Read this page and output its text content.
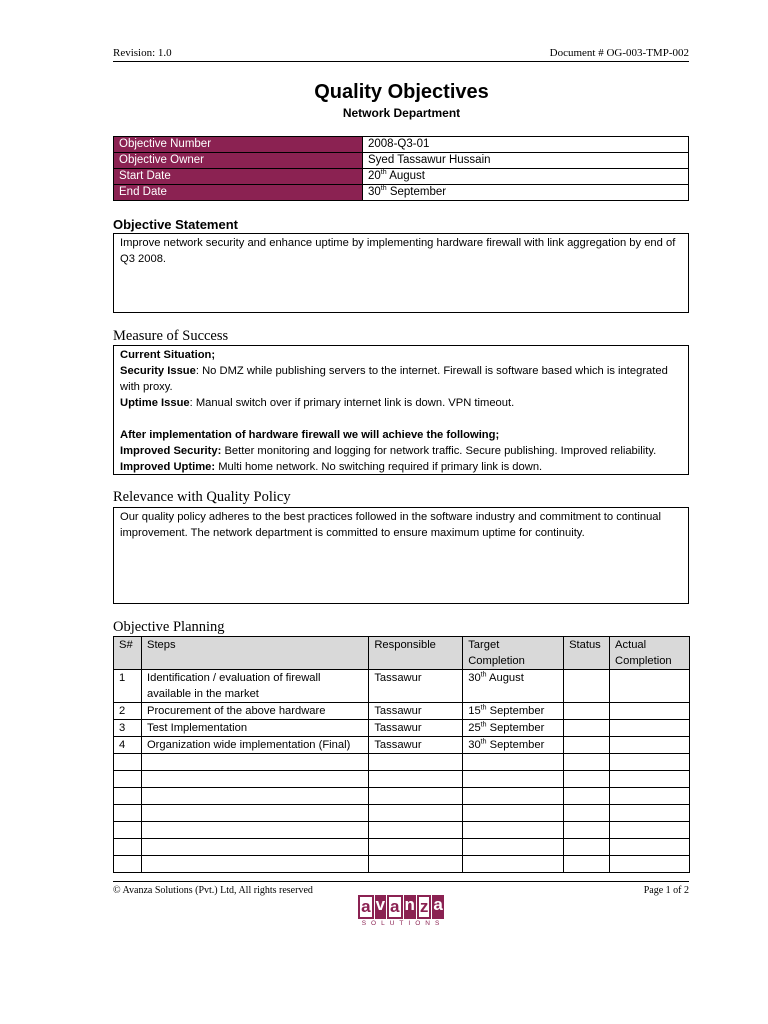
Revision: 1.0	Document # OG-003-TMP-002
Quality Objectives
Network Department
Objective Number	2008-Q3-01
Objective Owner	Syed Tassawur Hussain
Start Date	20th August
End Date	30th September
Objective Statement
Improve network security and enhance uptime by implementing hardware firewall with link aggregation by end of Q3 2008.
Measure of Success
Current Situation;
Security Issue: No DMZ while publishing servers to the internet. Firewall is software based which is integrated with proxy.
Uptime Issue: Manual switch over if primary internet link is down. VPN timeout.
After implementation of hardware firewall we will achieve the following;
Improved Security: Better monitoring and logging for network traffic. Secure publishing. Improved reliability.
Improved Uptime: Multi home network. No switching required if primary link is down.
Relevance with Quality Policy
Our quality policy adheres to the best practices followed in the software industry and commitment to continual improvement. The network department is committed to ensure maximum uptime for continuity.
Objective Planning
S#	Steps	Responsible	Target Completion	Status	Actual Completion
1	Identification / evaluation of firewall available in the market	Tassawur	30th August		
2	Procurement of the above hardware	Tassawur	15th September		
3	Test Implementation	Tassawur	25th September		
4	Organization wide implementation (Final)	Tassawur	30th September		

© Avanza Solutions (Pvt.) Ltd, All rights reserved	Page 1 of 2
a v a n z a
SOLUTIONS
